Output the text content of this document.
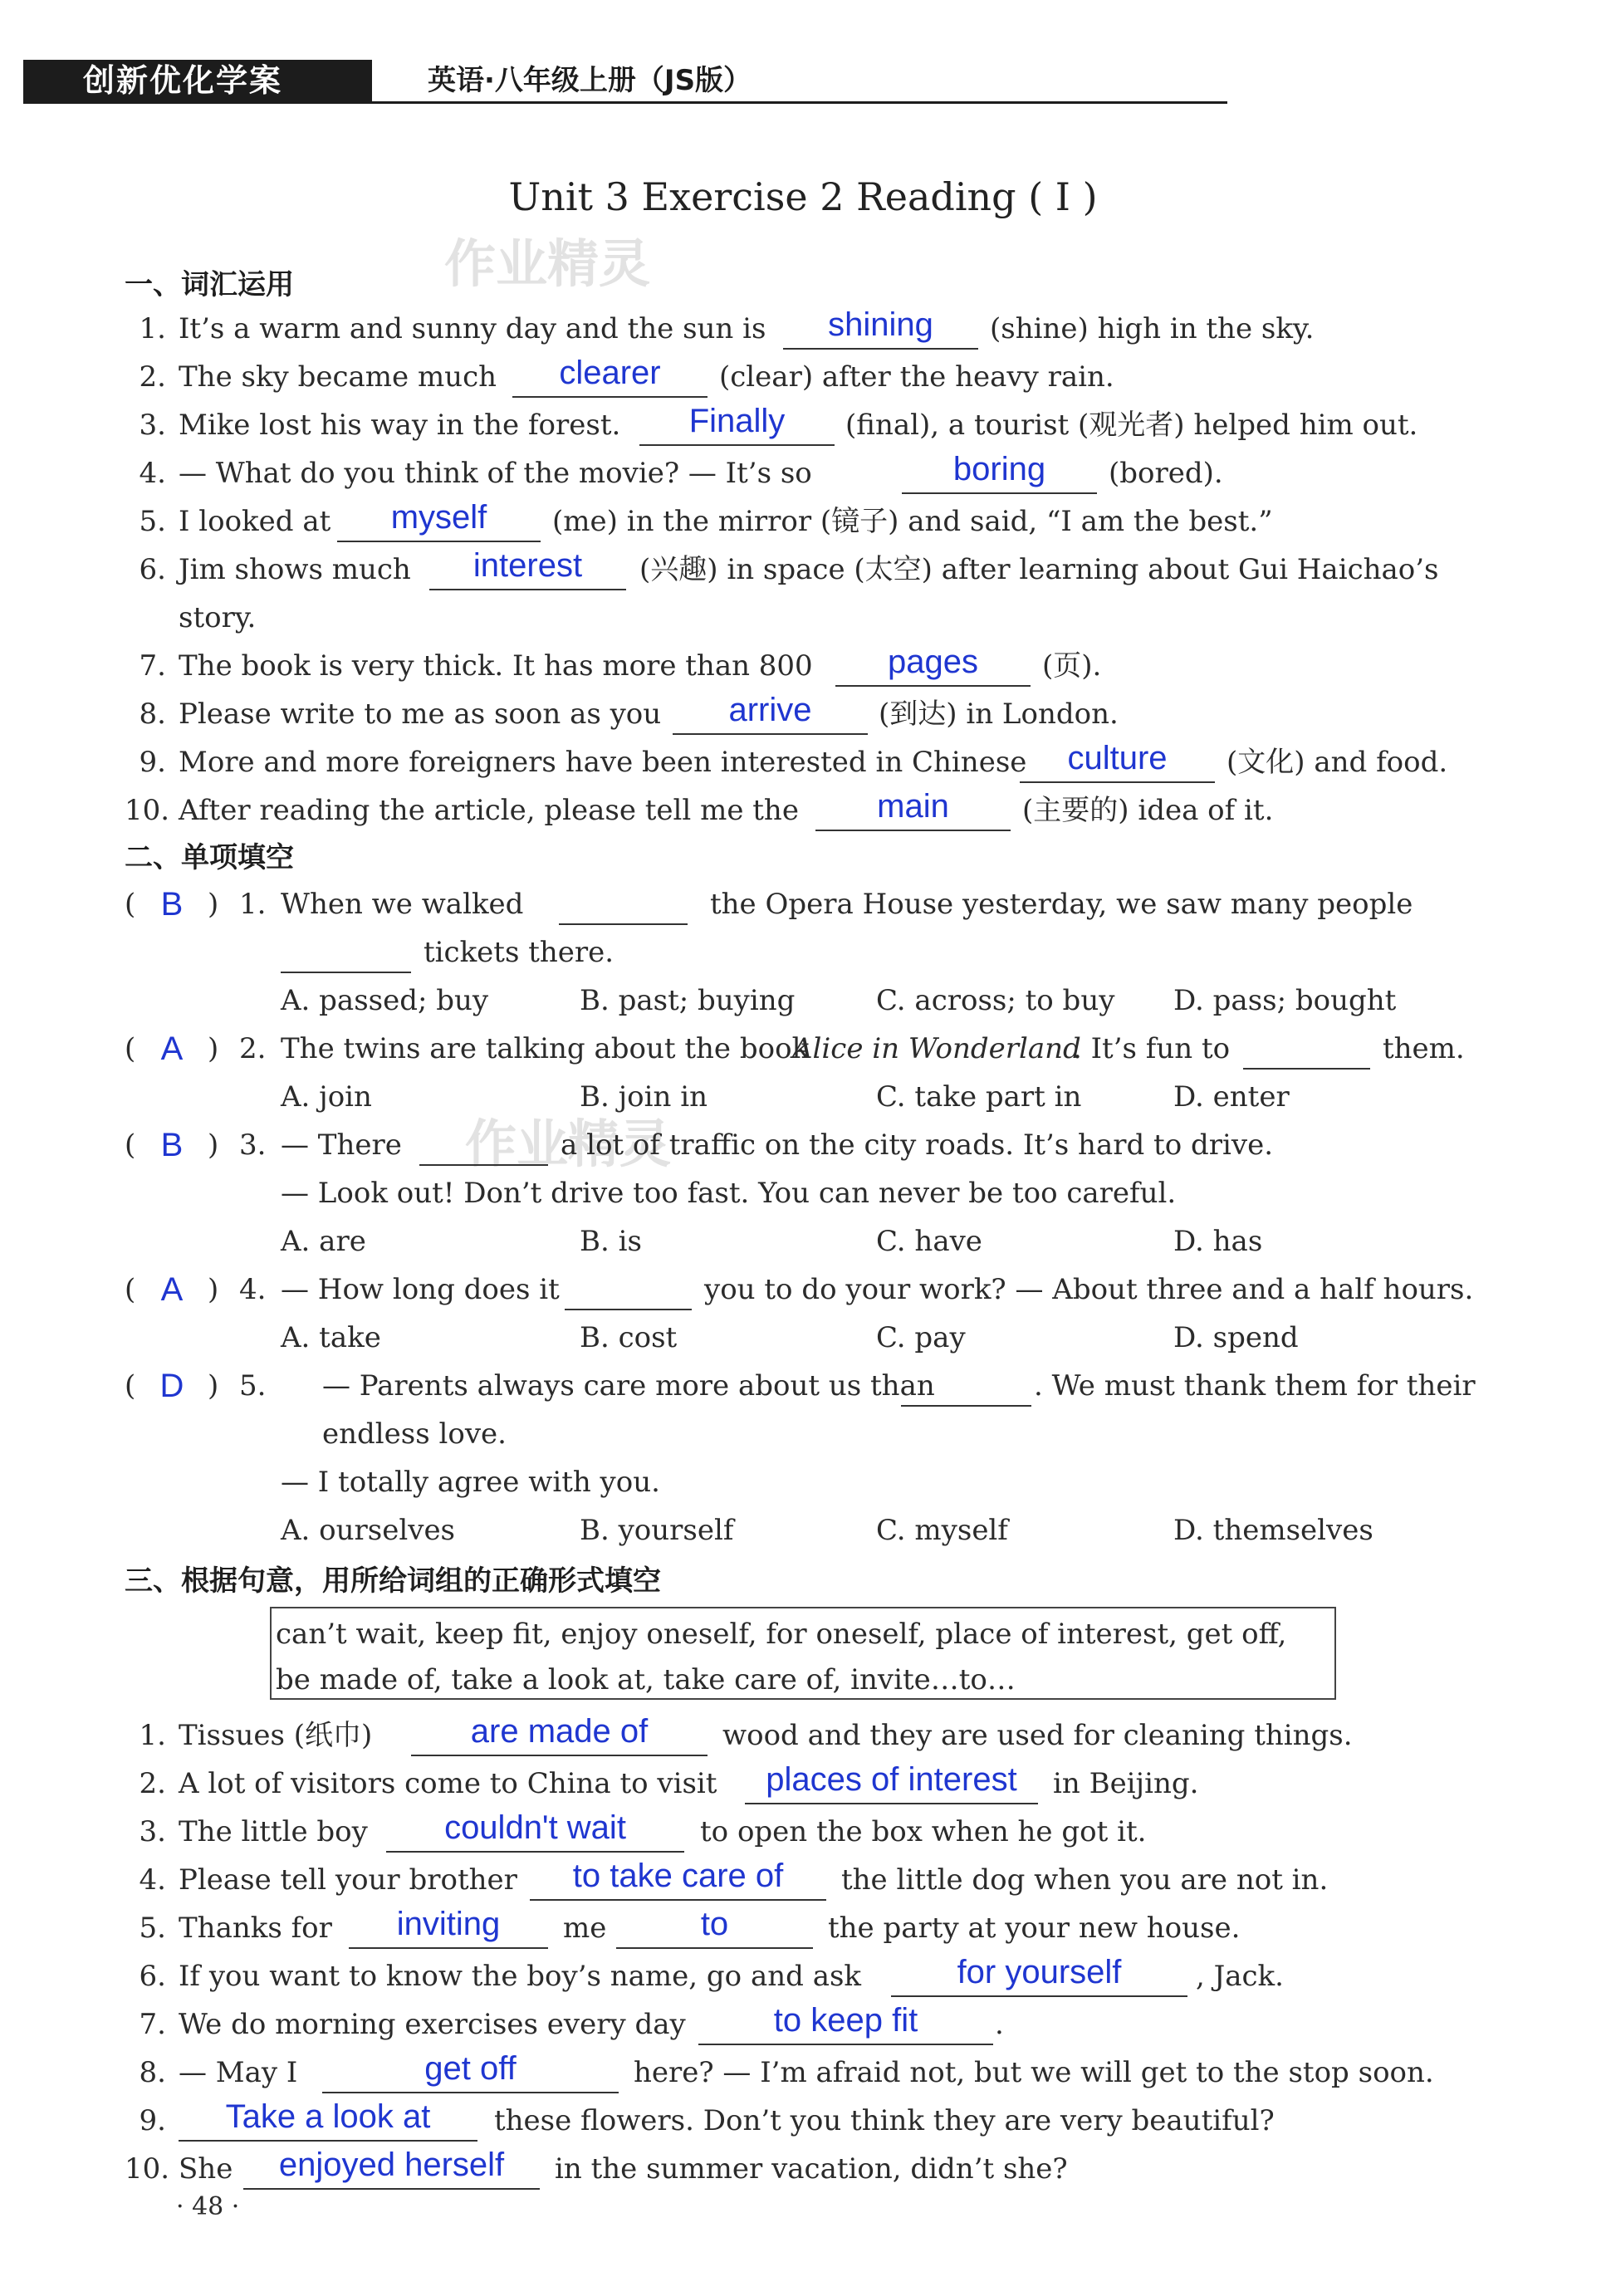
创新优化学案	英语·八年级上册（JS版）
Unit 3 Exercise 2 Reading ( Ⅰ )
作业精灵
作业精灵
一、词汇运用
1. It’s a warm and sunny day and the sun is	shining	(shine) high in the sky.
2. The sky became much	clearer	(clear) after the heavy rain.
3. Mike lost his way in the forest.	Finally	(final), a tourist (观光者) helped him out.
4. — What do you think of the movie? — It’s so	boring	(bored).
5. I looked at	myself	(me) in the mirror (镜子) and said, “I am the best.”
6. Jim shows much	interest	(兴趣) in space (太空) after learning about Gui Haichao’s
story.
7. The book is very thick. It has more than 800	pages	(页).
8. Please write to me as soon as you	arrive	(到达) in London.
9. More and more foreigners have been interested in Chinese	culture	(文化) and food.
10. After reading the article, please tell me the	main	(主要的) idea of it.
二、单项填空
( B ) 1. When we walked	the Opera House yesterday, we saw many people
tickets there.
A. passed; buy	B. past; buying	C. across; to buy D. pass; bought
( A ) 2. The twins are talking about the book
Alice in Wonderland
. It’s fun to	them.
A. join	B. join in	C. take part in	D. enter
( B ) 3. — There	a lot of traffic on the city roads. It’s hard to drive.
— Look out! Don’t drive too fast. You can never be too careful.
A. are	B. is	C. have	D. has
( A ) 4. — How long does it	you to do your work? — About three and a half hours.
A. take	B. cost	C. pay	D. spend
( D ) 5. — Parents always care more about us than	. We must thank them for their
endless love.
— I totally agree with you.
A. ourselves	B. yourself	C. myself	D. themselves
三、根据句意，用所给词组的正确形式填空
can’t wait, keep fit, enjoy oneself, for oneself, place of interest, get off,
be made of, take a look at, take care of, invite…to…
1. Tissues (纸巾)	are made of	wood and they are used for cleaning things.
2. A lot of visitors come to China to visit	places of interest	in Beijing.
3. The little boy	couldn't wait	to open the box when he got it.
4. Please tell your brother	to take care of	the little dog when you are not in.
5. Thanks for	inviting	me	to	the party at your new house.
6. If you want to know the boy’s name, go and ask	for yourself	, Jack.
7. We do morning exercises every day	to keep fit	.
8. — May I	get off	here? — I’m afraid not, but we will get to the stop soon.
9.	Take a look at	these flowers. Don’t you think they are very beautiful?
10. She	enjoyed herself	in the summer vacation, didn’t she?
· 48 ·
